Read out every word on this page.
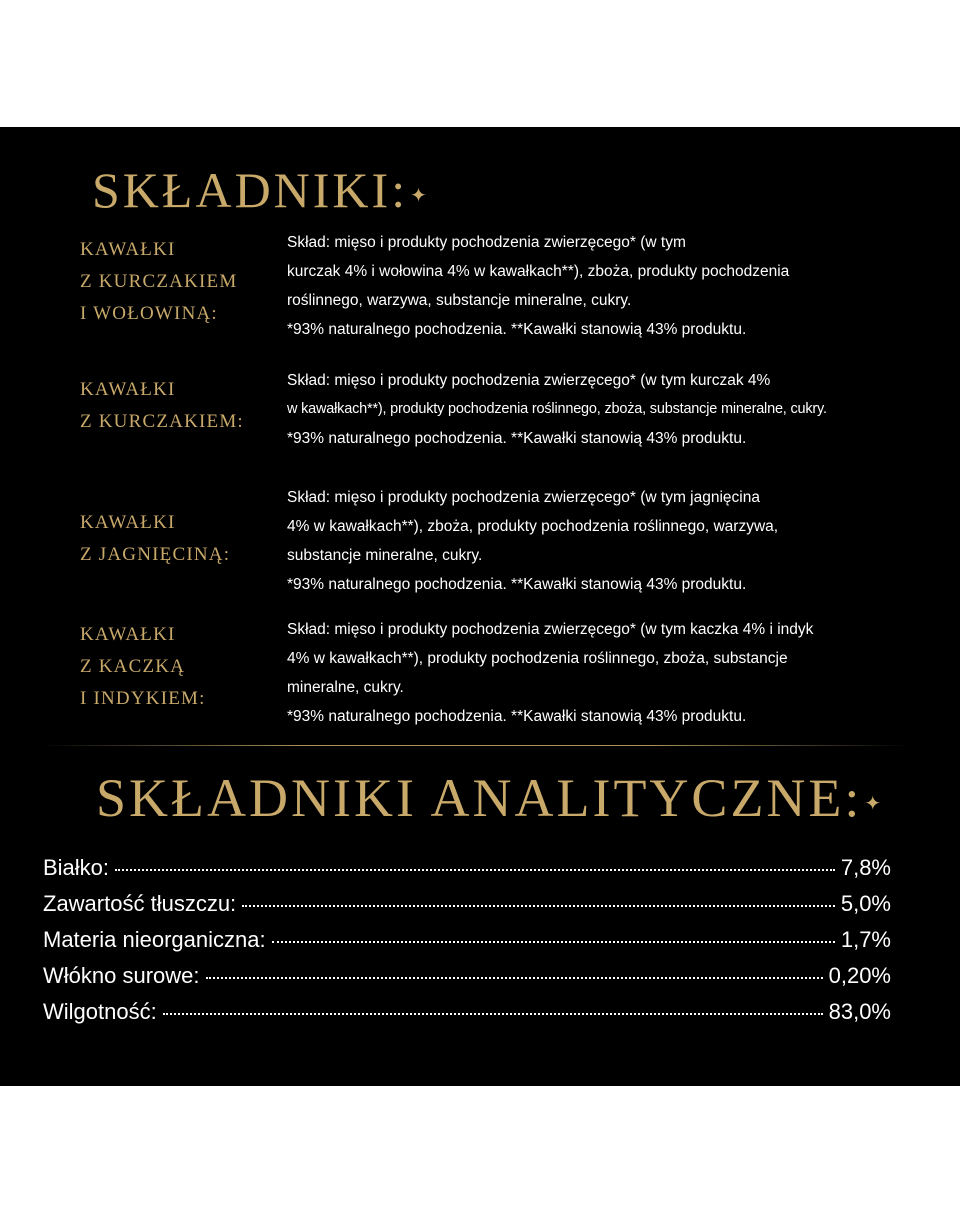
SKŁADNIKI: ✦
KAWAŁKI
Z KURCZAKIEM
I WOŁOWINĄ:
Skład: mięso i produkty pochodzenia zwierzęcego* (w tym
kurczak 4% i wołowina 4% w kawałkach**), zboża, produkty pochodzenia
roślinnego, warzywa, substancje mineralne, cukry.
*93% naturalnego pochodzenia. **Kawałki stanowią 43% produktu.
KAWAŁKI
Z KURCZAKIEM:
Skład: mięso i produkty pochodzenia zwierzęcego* (w tym kurczak 4%
w kawałkach**), produkty pochodzenia roślinnego, zboża, substancje mineralne, cukry.
*93% naturalnego pochodzenia. **Kawałki stanowią 43% produktu.
KAWAŁKI
Z JAGNIĘCINĄ:
Skład: mięso i produkty pochodzenia zwierzęcego* (w tym jagnięcina
4% w kawałkach**), zboża, produkty pochodzenia roślinnego, warzywa,
substancje mineralne, cukry.
*93% naturalnego pochodzenia. **Kawałki stanowią 43% produktu.
KAWAŁKI
Z KACZKĄ
I INDYKIEM:
Skład: mięso i produkty pochodzenia zwierzęcego* (w tym kaczka 4% i indyk
4% w kawałkach**), produkty pochodzenia roślinnego, zboża, substancje
mineralne, cukry.
*93% naturalnego pochodzenia. **Kawałki stanowią 43% produktu.
SKŁADNIKI ANALITYCZNE: ✦
Białko:	7,8%
Zawartość tłuszczu:	5,0%
Materia nieorganiczna:	1,7%
Włókno surowe:	0,20%
Wilgotność:	83,0%
